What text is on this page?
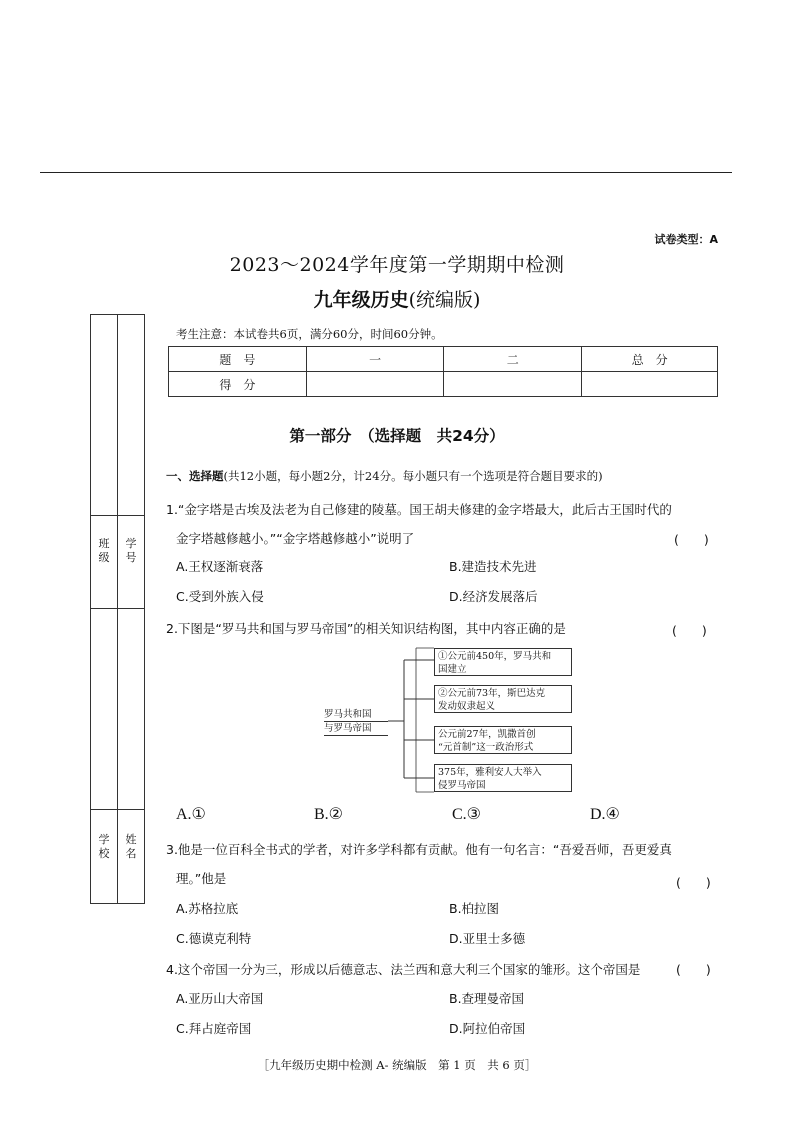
试卷类型：A
2023～2024学年度第一学期期中检测
九年级历史(统编版)
班　级
学　号
学　校
姓　名
考生注意：本试卷共6页，满分60分，时间60分钟。
题　号	一	二	总　分
得　分			
第一部分　（选择题　共24分）
一、选择题(共12小题，每小题2分，计24分。每小题只有一个选项是符合题目要求的)
1.“金字塔是古埃及法老为自己修建的陵墓。国王胡夫修建的金字塔最大，此后古王国时代的
金字塔越修越小。”“金字塔越修越小”说明了	(　　)
A.王权逐渐衰落	B.建造技术先进
C.受到外族入侵	D.经济发展落后
2.下图是“罗马共和国与罗马帝国”的相关知识结构图，其中内容正确的是	(　　)
罗马共和国
与罗马帝国
①公元前450年，罗马共和
国建立
②公元前73年，斯巴达克
发动奴隶起义
公元前27年，凯撒首创
“元首制”这一政治形式
375年，雅利安人大举入
侵罗马帝国
A.①	B.②	C.③	D.④
3.他是一位百科全书式的学者，对许多学科都有贡献。他有一句名言：“吾爱吾师，吾更爱真
理。”他是	(　　)
A.苏格拉底	B.柏拉图
C.德谟克利特	D.亚里士多德
4.这个帝国一分为三，形成以后德意志、法兰西和意大利三个国家的雏形。这个帝国是	(　　)
A.亚历山大帝国	B.查理曼帝国
C.拜占庭帝国	D.阿拉伯帝国
［九年级历史期中检测 A- 统编版　第 1 页　共 6 页］
